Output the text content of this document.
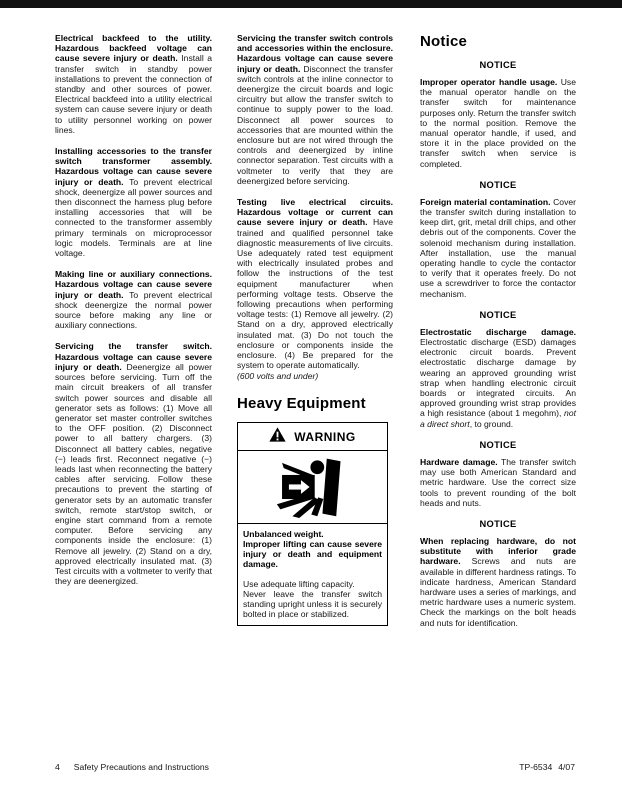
Electrical backfeed to the utility. Hazardous backfeed voltage can cause severe injury or death. Install a transfer switch in standby power installations to prevent the connection of standby and other sources of power. Electrical backfeed into a utility electrical system can cause severe injury or death to utility personnel working on power lines.

Installing accessories to the transfer switch transformer assembly. Hazardous voltage can cause severe injury or death. To prevent electrical shock, deenergize all power sources and then disconnect the harness plug before installing accessories that will be connected to the transformer assembly primary terminals on microprocessor logic models. Terminals are at line voltage.

Making line or auxiliary connections. Hazardous voltage can cause severe injury or death. To prevent electrical shock deenergize the normal power source before making any line or auxiliary connections.

Servicing the transfer switch. Hazardous voltage can cause severe injury or death. Deenergize all power sources before servicing. Turn off the main circuit breakers of all transfer switch power sources and disable all generator sets as follows: (1) Move all generator set master controller switches to the OFF position. (2) Disconnect power to all battery chargers. (3) Disconnect all battery cables, negative (−) leads first. Reconnect negative (−) leads last when reconnecting the battery cables after servicing. Follow these precautions to prevent the starting of generator sets by an automatic transfer switch, remote start/stop switch, or engine start command from a remote computer. Before servicing any components inside the enclosure: (1) Remove all jewelry. (2) Stand on a dry, approved electrically insulated mat. (3) Test circuits with a voltmeter to verify that they are deenergized.

Servicing the transfer switch controls and accessories within the enclosure. Hazardous voltage can cause severe injury or death. Disconnect the transfer switch controls at the inline connector to deenergize the circuit boards and logic circuitry but allow the transfer switch to continue to supply power to the load. Disconnect all power sources to accessories that are mounted within the enclosure but are not wired through the controls and deenergized by inline connector separation. Test circuits with a voltmeter to verify that they are deenergized before servicing.

Testing live electrical circuits. Hazardous voltage or current can cause severe injury or death. Have trained and qualified personnel take diagnostic measurements of live circuits. Use adequately rated test equipment with electrically insulated probes and follow the instructions of the test equipment manufacturer when performing voltage tests. Observe the following precautions when performing voltage tests: (1) Remove all jewelry. (2) Stand on a dry, approved electrically insulated mat. (3) Do not touch the enclosure or components inside the enclosure. (4) Be prepared for the system to operate automatically.

(600 volts and under)

Heavy Equipment
WARNING
Unbalanced weight.
Improper lifting can cause severe injury or death and equipment damage.
Use adequate lifting capacity.
Never leave the transfer switch standing upright unless it is securely bolted in place or stabilized.
Notice
NOTICE

Improper operator handle usage. Use the manual operator handle on the transfer switch for maintenance purposes only. Return the transfer switch to the normal position. Remove the manual operator handle, if used, and store it in the place provided on the transfer switch when service is completed.

NOTICE

Foreign material contamination. Cover the transfer switch during installation to keep dirt, grit, metal drill chips, and other debris out of the components. Cover the solenoid mechanism during installation. After installation, use the manual operating handle to cycle the contactor to verify that it operates freely. Do not use a screwdriver to force the contactor mechanism.

NOTICE

Electrostatic discharge damage. Electrostatic discharge (ESD) damages electronic circuit boards. Prevent electrostatic discharge damage by wearing an approved grounding wrist strap when handling electronic circuit boards or integrated circuits. An approved grounding wrist strap provides a high resistance (about 1 megohm), not a direct short, to ground.

NOTICE

Hardware damage. The transfer switch may use both American Standard and metric hardware. Use the correct size tools to prevent rounding of the bolt heads and nuts.

NOTICE

When replacing hardware, do not substitute with inferior grade hardware. Screws and nuts are available in different hardness ratings. To indicate hardness, American Standard hardware uses a series of markings, and metric hardware uses a numeric system. Check the markings on the bolt heads and nuts for identification.

4 Safety Precautions and Instructions	TP-6534 4/07
